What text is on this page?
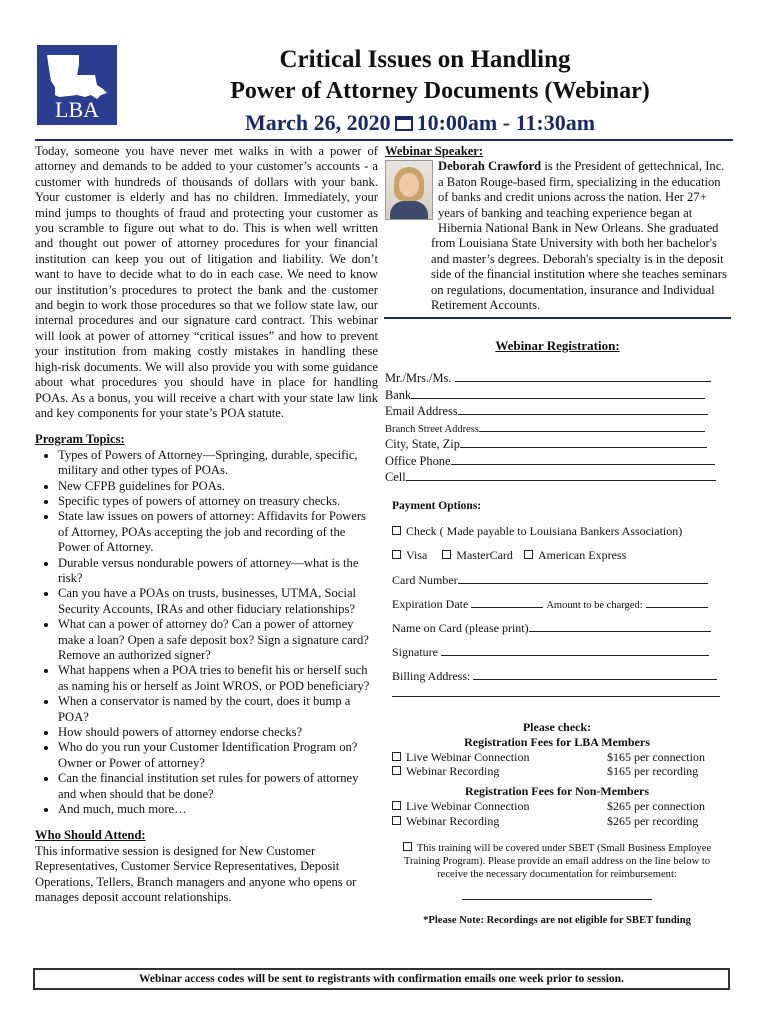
LBA
Critical Issues on Handling
Power of Attorney Documents (Webinar)
March 26, 2020 10:00am - 11:30am

Today, someone you have never met walks in with a power of attorney and demands to be added to your customer’s accounts - a customer with hundreds of thousands of dollars with your bank. Your customer is elderly and has no children. Immediately, your mind jumps to thoughts of fraud and protecting your customer as you scramble to figure out what to do. This is when well written and thought out power of attorney procedures for your financial institution can keep you out of litigation and liability. We don’t want to have to decide what to do in each case. We need to know our institution’s procedures to protect the bank and the customer and begin to work those procedures so that we follow state law, our internal procedures and our signature card contract. This webinar will look at power of attorney “critical issues” and how to prevent your institution from making costly mistakes in handling these high-risk documents. We will also provide you with some guidance about what procedures you should have in place for handling POAs. As a bonus, you will receive a chart with your state law link and key components for your state’s POA statute.

Program Topics:

• Types of Powers of Attorney—Springing, durable, specific, military and other types of POAs.
• New CFPB guidelines for POAs.
• Specific types of powers of attorney on treasury checks.
• State law issues on powers of attorney: Affidavits for Powers of Attorney, POAs accepting the job and recording of the Power of Attorney.
• Durable versus nondurable powers of attorney—what is the risk?
• Can you have a POAs on trusts, businesses, UTMA, Social Security Accounts, IRAs and other fiduciary relationships?
• What can a power of attorney do? Can a power of attorney make a loan? Open a safe deposit box? Sign a signature card? Remove an authorized signer?
• What happens when a POA tries to benefit his or herself such as naming his or herself as Joint WROS, or POD beneficiary?
• When a conservator is named by the court, does it bump a POA?
• How should powers of attorney endorse checks?
• Who do you run your Customer Identification Program on? Owner or Power of attorney?
• Can the financial institution set rules for powers of attorney and when should that be done?
• And much, much more…

Who Should Attend:

This informative session is designed for New Customer Representatives, Customer Service Representatives, Deposit Operations, Tellers, Branch managers and anyone who opens or manages deposit account relationships.

Webinar Speaker:
Deborah Crawford is the President of gettechnical, Inc. a Baton Rouge-based firm, specializing in the education of banks and credit unions across the nation. Her 27+ years of banking and teaching experience began at Hibernia National Bank in New Orleans. She graduated from Louisiana State University with both her bachelor's and master’s degrees. Deborah's specialty is in the deposit side of the financial institution where she teaches seminars on regulations, documentation, insurance and Individual Retirement Accounts.
Webinar Registration:
Mr./Mrs./Ms.
Bank
Email Address
Branch Street Address
City, State, Zip
Office Phone
Cell
Payment Options:
Check ( Made payable to Louisiana Bankers Association)
Visa MasterCard American Express
Card Number
Expiration Date	Amount to be charged:
Name on Card (please print)
Signature
Billing Address:
Please check:
Registration Fees for LBA Members
Live Webinar Connection	$165 per connection
Webinar Recording	$165 per recording
Registration Fees for Non-Members
Live Webinar Connection	$265 per connection
Webinar Recording	$265 per recording
This training will be covered under SBET (Small Business Employee Training Program). Please provide an email address on the line below to receive the necessary documentation for reimbursement:
*Please Note: Recordings are not eligible for SBET funding
Webinar access codes will be sent to registrants with confirmation emails one week prior to session.
